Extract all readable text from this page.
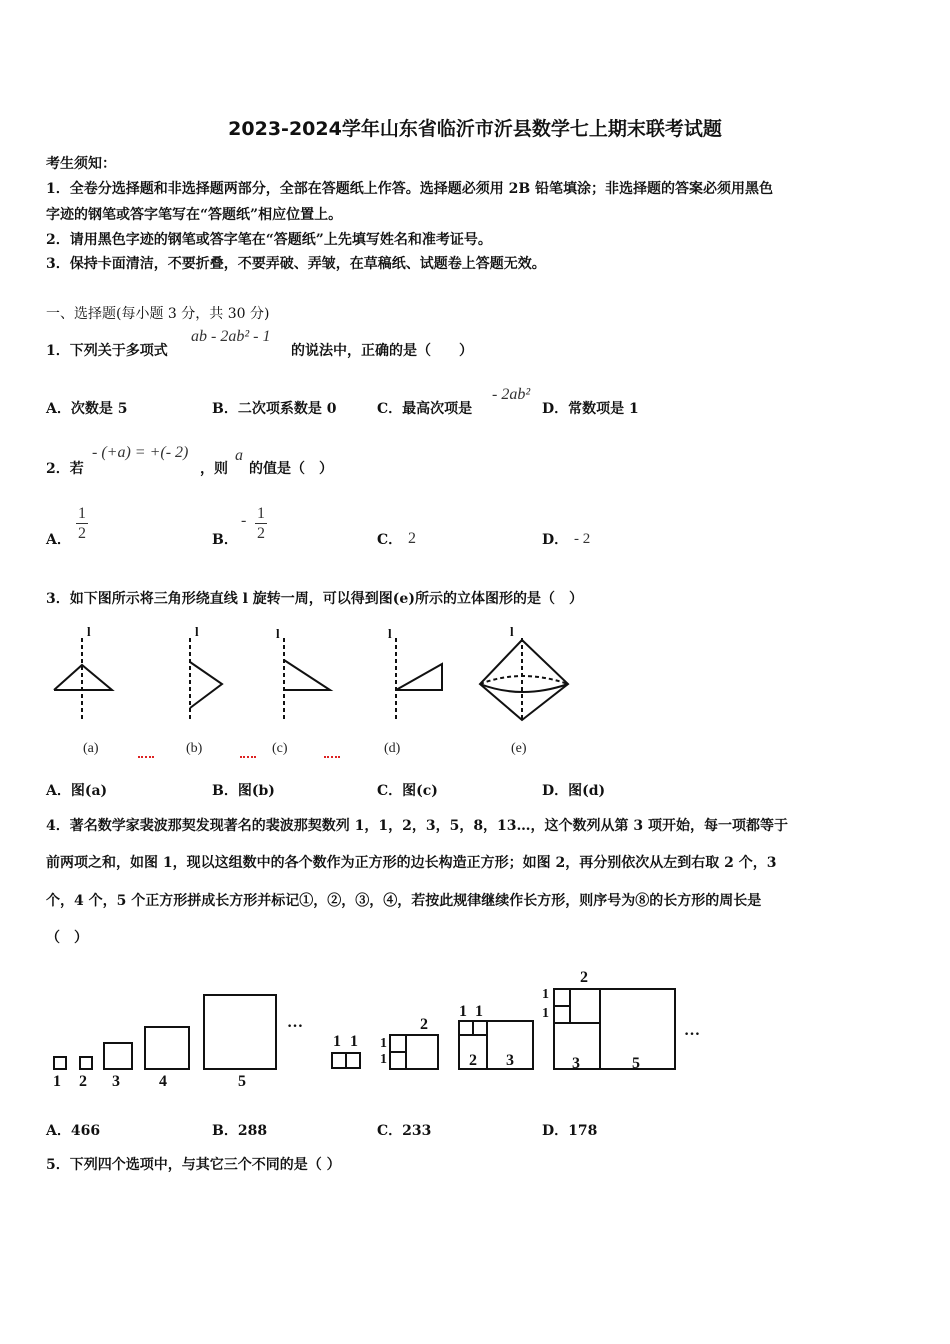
2023-2024学年山东省临沂市沂县数学七上期末联考试题
考生须知：
1．全卷分选择题和非选择题两部分，全部在答题纸上作答。选择题必须用 2B 铅笔填涂；非选择题的答案必须用黑色
字迹的钢笔或答字笔写在“答题纸”相应位置上。
2．请用黑色字迹的钢笔或答字笔在“答题纸”上先填写姓名和准考证号。
3．保持卡面清洁，不要折叠，不要弄破、弄皱，在草稿纸、试题卷上答题无效。
一、选择题(每小题 3 分，共 30 分)
1．下列关于多项式
ab - 2ab² - 1
的说法中，正确的是（　　）
A．次数是 5	B．二次项系数是 0	C．最高次项是
- 2ab²
D．常数项是 1
2．若
- (+a) = +(- 2)
，则
a
的值是（　）
A．
1
2	B．
- 1
2	C． 2	D． - 2
3．如下图所示将三角形绕直线 l 旋转一周，可以得到图(e)所示的立体图形的是（　）
l	l	l	l	l
(a)	(b)	(c)	(d)	(e)
A．图(a)	B．图(b)	C．图(c)	D．图(d)
4．著名数学家裴波那契发现著名的裴波那契数列 1，1，2，3，5，8，13…，这个数列从第 3 项开始，每一项都等于
前两项之和，如图 1，现以这组数中的各个数作为正方形的边长构造正方形；如图 2，再分别依次从左到右取 2 个，3
个，4 个，5 个正方形拼成长方形并标记①，②，③，④，若按此规律继续作长方形，则序号为⑧的长方形的周长是
（　）
1 2 3 4	5
…
1 1 1
1
2
1 1
2 3
2
1
1
3	5
…
A．466	B．288	C．233	D．178
5．下列四个选项中，与其它三个不同的是（ ）
